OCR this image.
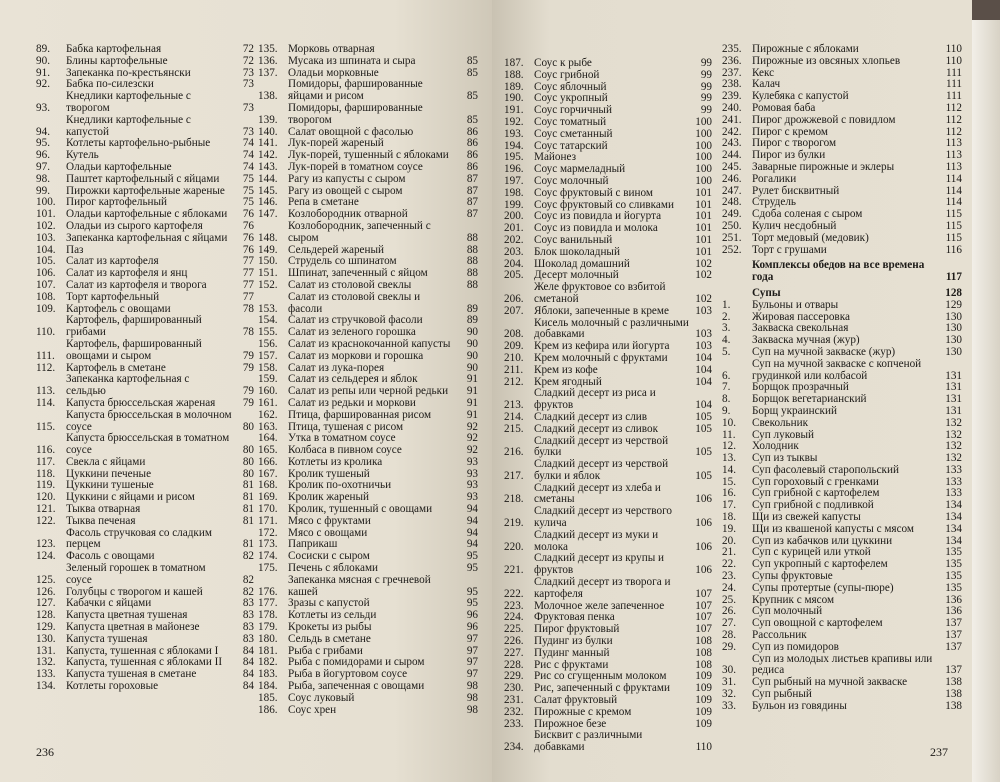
89.	Бабка картофельная	72
90.	Блины картофельные	72
91.	Запеканка по-крестьянски	73
92.	Бабка по-силезски	73
93.
Кнедлики картофельные с творогом	73
94.
Кнедлики картофельные с капустой	73
95.	Котлеты картофельно-рыбные	74
96.	Кутель	74
97.	Оладьи картофельные	74
98.	Паштет картофельный с яйцами	75
99.	Пирожки картофельные жареные	75
100. Пирог картофельный	75
101. Оладьи картофельные с яблоками	76
102. Оладьи из сырого картофеля	76
103. Запеканка картофельная с яйцами	76
104. Паз	76
105. Салат из картофеля	77
106. Салат из картофеля и янц	77
107. Салат из картофеля и творога	77
108. Торт картофельный	77
109. Картофель с овощами	78
110.
Картофель, фаршированный грибами	78
111.
Картофель, фаршированный овощами и сыром	79
112. Картофель в сметане	79
113.
Запеканка картофельная с сельдью	79
114. Капуста брюссельская жареная	79
115.
Капуста брюссельская в молочном соусе	80
116.
Капуста брюссельская в томатном соусе	80
117. Свекла с яйцами	80
118. Цуккини печеные	80
119. Цуккини тушеные	81
120. Цуккини с яйцами и рисом	81
121. Тыква отварная	81
122. Тыква печеная	81
123.
Фасоль стручковая со сладким перцем	81
124. Фасоль с овощами	82
125.
Зеленый горошек в томатном соусе	82
126. Голубцы с творогом и кашей	82
127. Кабачки с яйцами	83
128. Капуста цветная тушеная	83
129. Капуста цветная в майонезе	83
130. Капуста тушеная	83
131. Капуста, тушенная с яблоками I	84
132. Капуста, тушенная с яблоками II	84
133. Капуста тушеная в сметане	84
134. Котлеты гороховые	84
135. Морковь отварная
136. Мусака из шпината и сыра	85
137. Оладьи морковные	85
138.
Помидоры, фаршированные яйцами и рисом	85
139.
Помидоры, фаршированные творогом	85
140. Салат овощной с фасолью	86
141. Лук-порей жареный	86
142. Лук-порей, тушенный с яблоками	86
143. Лук-порей в томатном соусе	86
144. Рагу из капусты с сыром	87
145. Рагу из овощей с сыром	87
146. Репа в сметане	87
147. Козлобородник отварной	87
148.
Козлобородник, запеченный с сыром	88
149. Сельдерей жареный	88
150. Струдель со шпинатом	88
151. Шпинат, запеченный с яйцом	88
152. Салат из столовой свеклы	88
153.
Салат из столовой свеклы и фасоли	89
154. Салат из стручковой фасоли	89
155. Салат из зеленого горошка	90
156. Салат из краснокочанной капусты	90
157. Салат из моркови и горошка	90
158. Салат из лука-порея	90
159. Салат из сельдерея и яблок	91
160. Салат из репы или черной редьки	91
161. Салат из редьки и моркови	91
162. Птица, фаршированная рисом	91
163. Птица, тушеная с рисом	92
164. Утка в томатном соусе	92
165. Колбаса в пивном соусе	92
166. Котлеты из кролика	93
167. Кролик тушеный	93
168. Кролик по-охотничьи	93
169. Кролик жареный	93
170. Кролик, тушенный с овощами	94
171. Мясо с фруктами	94
172. Мясо с овощами	94
173. Паприкаш	94
174. Сосиски с сыром	95
175. Печень с яблоками	95
176.
Запеканка мясная с гречневой кашей	95
177. Зразы с капустой	95
178. Котлеты из сельди	96
179. Крокеты из рыбы	96
180. Сельдь в сметане	97
181. Рыба с грибами	97
182. Рыба с помидорами и сыром	97
183. Рыба в йогуртовом соусе	97
184. Рыба, запеченная с овощами	98
185. Соус луковый	98
186. Соус хрен	98
236
187. Соус к рыбе	99
188. Соус грибной	99
189. Соус яблочный	99
190. Соус укропный	99
191. Соус горчичный	99
192. Соус томатный	100
193. Соус сметанный	100
194. Соус татарский	100
195. Майонез	100
196. Соус мармеладный	100
197. Соус молочный	100
198. Соус фруктовый с вином	101
199. Соус фруктовый со сливками	101
200. Соус из повидла и йогурта	101
201. Соус из повидла и молока	101
202. Соус ванильный	101
203. Блок шоколадный	101
204. Шоколад домашний	102
205. Десерт молочный	102
206.
Желе фруктовое со взбитой сметаной	102
207. Яблоки, запеченные в креме	103
208.
Кисель молочный с различными добавками	103
209. Крем из кефира или йогурта	103
210. Крем молочный с фруктами	104
211. Крем из кофе	104
212. Крем ягодный	104
213.
Сладкий десерт из риса и фруктов	104
214. Сладкий десерт из слив	105
215. Сладкий десерт из сливок	105
216.
Сладкий десерт из черствой булки	105
217.
Сладкий десерт из черствой булки и яблок	105
218.
Сладкий десерт из хлеба и сметаны	106
219.
Сладкий десерт из черствого кулича	106
220.
Сладкий десерт из муки и молока	106
221.
Сладкий десерт из крупы и фруктов	106
222.
Сладкий десерт из творога и картофеля	107
223. Молочное желе запеченное	107
224. Фруктовая пенка	107
225. Пирог фруктовый	107
226. Пудинг из булки	108
227. Пудинг манный	108
228. Рис с фруктами	108
229. Рис со сгущенным молоком	109
230. Рис, запеченный с фруктами	109
231. Салат фруктовый	109
232. Пирожные с кремом	109
233. Пирожное безе	109
234.
Бисквит с различными добавками	110
235. Пирожные с яблоками	110
236. Пирожные из овсяных хлопьев	110
237. Кекс	111
238. Калач	111
239. Кулебяка с капустой	111
240. Ромовая баба	112
241. Пирог дрожжевой с повидлом	112
242. Пирог с кремом	112
243. Пирог с творогом	113
244. Пирог из булки	113
245. Заварные пирожные и эклеры	113
246. Рогалики	114
247. Рулет бисквитный	114
248. Струдель	114
249. Сдоба соленая с сыром	115
250. Кулич несдобный	115
251. Торт медовый (медовик)	115
252. Торт с грушами	116
Комплексы обедов на все времена года	117
Супы	128
1.	Бульоны и отвары	129
2.	Жировая пассеровка	130
3.	Закваска свекольная	130
4.	Закваска мучная (жур)	130
5.	Суп на мучной закваске (жур)	130
6.
Суп на мучной закваске с копченой грудинкой или колбасой	131
7.	Борщок прозрачный	131
8.	Борщок вегетарианский	131
9.	Борщ украинский	131
10.	Свекольник	132
11.	Суп луковый	132
12.	Холодник	132
13.	Суп из тыквы	132
14.	Суп фасолевый старопольский	133
15.	Суп гороховый с гренками	133
16.	Суп грибной с картофелем	133
17.	Суп грибной с подливкой	134
18.	Щи из свежей капусты	134
19.	Щи из квашеной капусты с мясом	134
20.	Суп из кабачков или цуккини	134
21.	Суп с курицей или уткой	135
22.	Суп укропный с картофелем	135
23.	Супы фруктовые	135
24.	Супы протертые (супы-пюре)	135
25.	Крупник с мясом	136
26.	Суп молочный	136
27.	Суп овощной с картофелем	137
28.	Рассольник	137
29.	Суп из помидоров	137
30.
Суп из молодых листьев крапивы или редиса	137
31.	Суп рыбный на мучной закваске	138
32.	Суп рыбный	138
33.	Бульон из говядины	138
237
